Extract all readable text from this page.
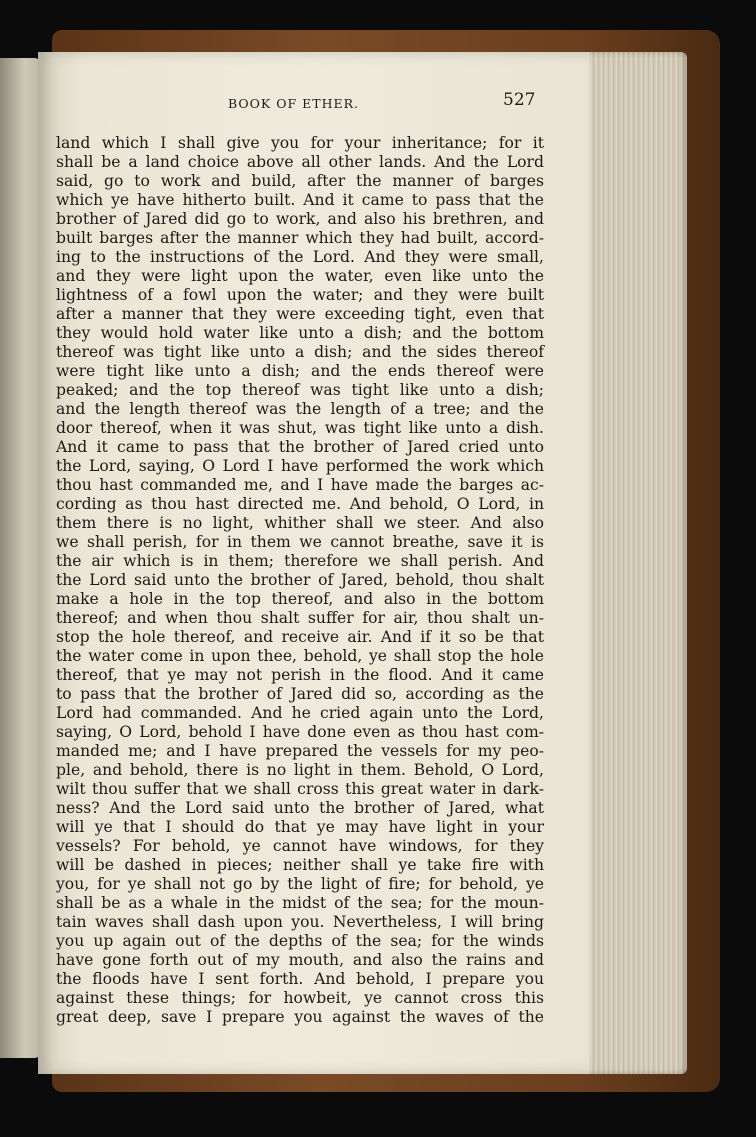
BOOK OF ETHER.	527
land which I shall give you for your inheritance; for it
shall be a land choice above all other lands. And the Lord
said, go to work and build, after the manner of barges
which ye have hitherto built. And it came to pass that the
brother of Jared did go to work, and also his brethren, and
built barges after the manner which they had built, accord-
ing to the instructions of the Lord. And they were small,
and they were light upon the water, even like unto the
lightness of a fowl upon the water; and they were built
after a manner that they were exceeding tight, even that
they would hold water like unto a dish; and the bottom
thereof was tight like unto a dish; and the sides thereof
were tight like unto a dish; and the ends thereof were
peaked; and the top thereof was tight like unto a dish;
and the length thereof was the length of a tree; and the
door thereof, when it was shut, was tight like unto a dish.
And it came to pass that the brother of Jared cried unto
the Lord, saying, O Lord I have performed the work which
thou hast commanded me, and I have made the barges ac-
cording as thou hast directed me. And behold, O Lord, in
them there is no light, whither shall we steer. And also
we shall perish, for in them we cannot breathe, save it is
the air which is in them; therefore we shall perish. And
the Lord said unto the brother of Jared, behold, thou shalt
make a hole in the top thereof, and also in the bottom
thereof; and when thou shalt suffer for air, thou shalt un-
stop the hole thereof, and receive air. And if it so be that
the water come in upon thee, behold, ye shall stop the hole
thereof, that ye may not perish in the flood. And it came
to pass that the brother of Jared did so, according as the
Lord had commanded. And he cried again unto the Lord,
saying, O Lord, behold I have done even as thou hast com-
manded me; and I have prepared the vessels for my peo-
ple, and behold, there is no light in them. Behold, O Lord,
wilt thou suffer that we shall cross this great water in dark-
ness? And the Lord said unto the brother of Jared, what
will ye that I should do that ye may have light in your
vessels? For behold, ye cannot have windows, for they
will be dashed in pieces; neither shall ye take fire with
you, for ye shall not go by the light of fire; for behold, ye
shall be as a whale in the midst of the sea; for the moun-
tain waves shall dash upon you. Nevertheless, I will bring
you up again out of the depths of the sea; for the winds
have gone forth out of my mouth, and also the rains and
the floods have I sent forth. And behold, I prepare you
against these things; for howbeit, ye cannot cross this
great deep, save I prepare you against the waves of the
